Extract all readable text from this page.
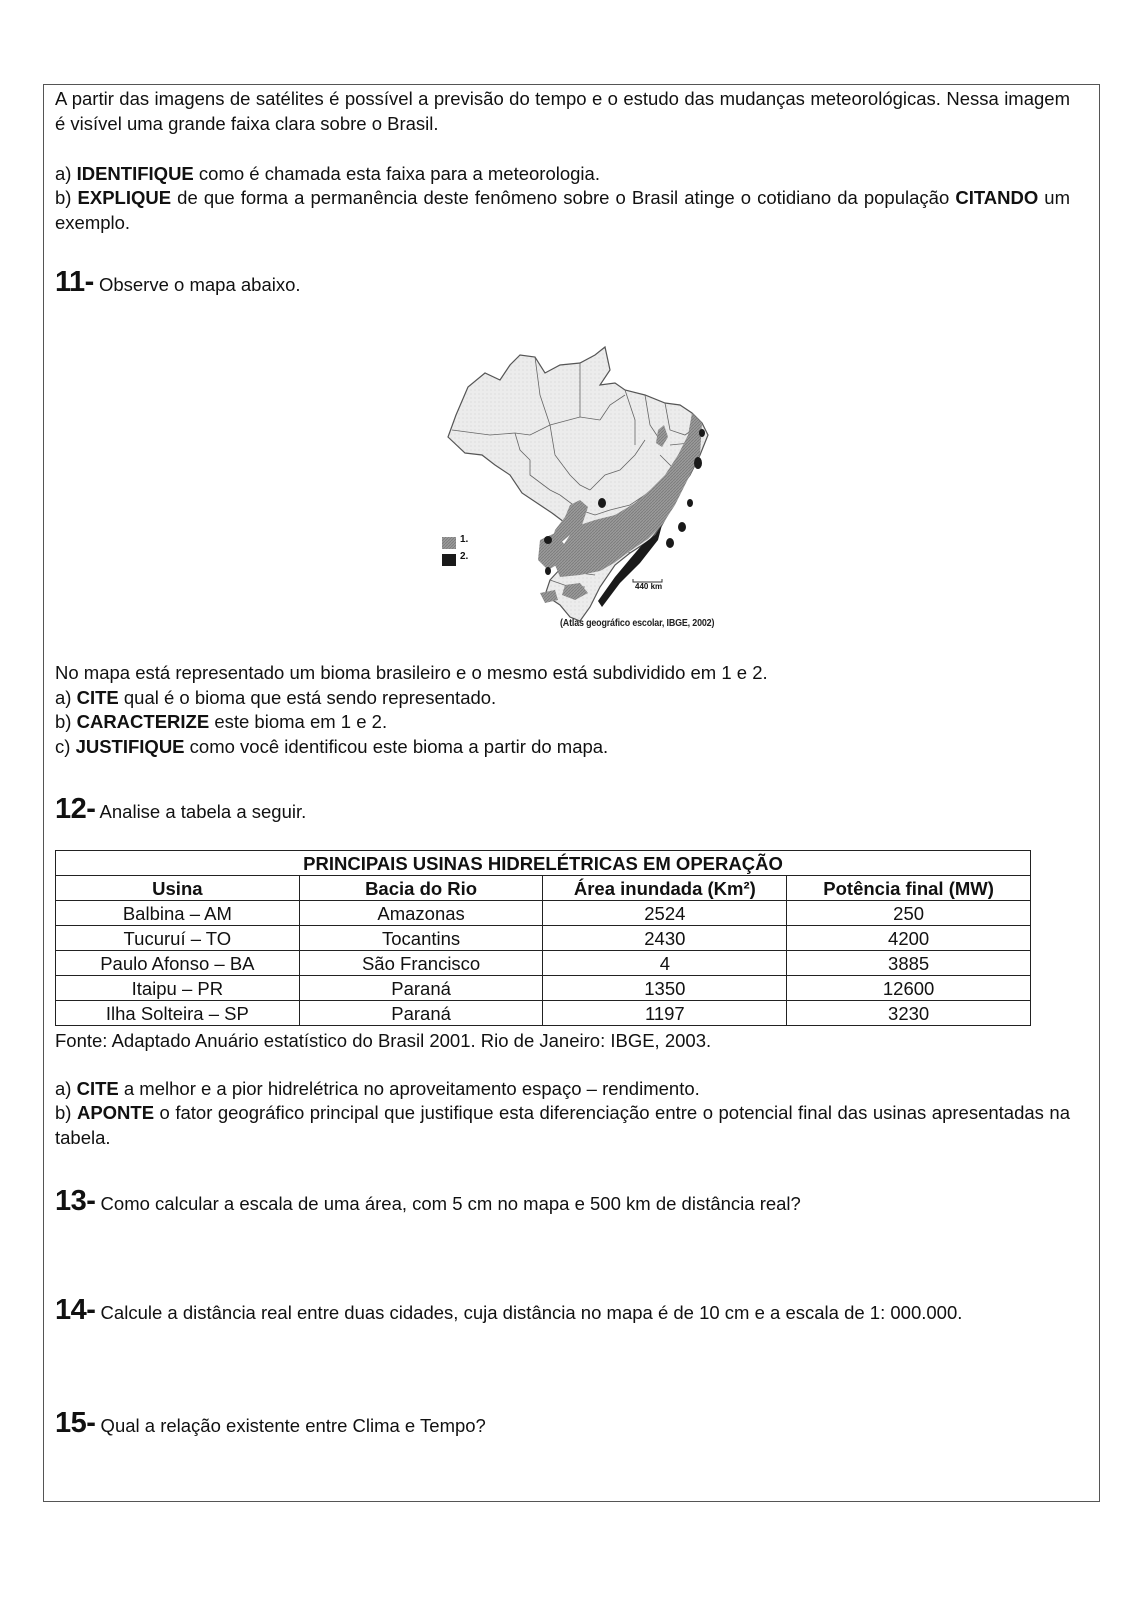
A partir das imagens de satélites é possível a previsão do tempo e o estudo das mudanças meteorológicas. Nessa imagem é visível uma grande faixa clara sobre o Brasil.

a) IDENTIFIQUE como é chamada esta faixa para a meteorologia.

b) EXPLIQUE de que forma a permanência deste fenômeno sobre o Brasil atinge o cotidiano da população CITANDO um exemplo.

11- Observe o mapa abaixo.

1.
2.
440 km
(Atlas geográfico escolar, IBGE, 2002)

No mapa está representado um bioma brasileiro e o mesmo está subdividido em 1 e 2.

a) CITE qual é o bioma que está sendo representado.

b) CARACTERIZE este bioma em 1 e 2.

c) JUSTIFIQUE como você identificou este bioma a partir do mapa.

12- Analise a tabela a seguir.

PRINCIPAIS USINAS HIDRELÉTRICAS EM OPERAÇÃO			
Usina	Bacia do Rio	Área inundada (Km²)	Potência final (MW)
Balbina – AM	Amazonas	2524	250
Tucuruí – TO	Tocantins	2430	4200
Paulo Afonso – BA	São Francisco	4	3885
Itaipu – PR	Paraná	1350	12600
Ilha Solteira – SP	Paraná	1197	3230

Fonte: Adaptado Anuário estatístico do Brasil 2001. Rio de Janeiro: IBGE, 2003.

a) CITE a melhor e a pior hidrelétrica no aproveitamento espaço – rendimento.

b) APONTE o fator geográfico principal que justifique esta diferenciação entre o potencial final das usinas apresentadas na tabela.

13- Como calcular a escala de uma área, com 5 cm no mapa e 500 km de distância real?

14- Calcule a distância real entre duas cidades, cuja distância no mapa é de 10 cm e a escala de 1: 000.000.

15- Qual a relação existente entre Clima e Tempo?
